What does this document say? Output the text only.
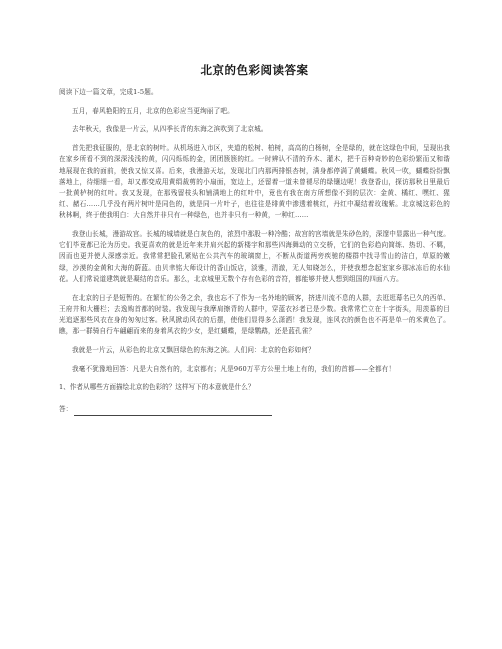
北京的色彩阅读答案

阅读下边一篇文章，完成1-5题。

五月，春风艳阳的五月，北京的色彩应当更绚丽了吧。

去年秋天，我像是一片云，从四季长青的东海之滨吹到了北京城。

首先把我征服的，是北京的树叶。从机场进入市区，夹道的松树、柏树，高高的白杨树，全是绿的，就在这绿色中间，呈现出我在家乡所看不到的深深浅浅的黄，闪闪烁烁的金，团团簇簇的红。一时辨认不清的乔木、灌木，把千百种奇妙的色彩纷繁而又和谐地展现在我的面前，使我又惊又喜。后来，我漫游天坛，发现北门内那两排银杏树，满身都停满了黄蝴蝶。秋风一吹，蝴蝶纷纷飘落地上，待细细一看，却又都变成用黄绢裁剪的小扇面，宽边上，还留着一道未曾褪尽的绿镶边呢！我登香山，探访那秋日里最后一批黄栌树的红叶。我又发现，在那残留枝头和铺满地上的红叶中，竟也有我在南方所想像不到的层次：金黄、橘红、嘿红、猩红、赭石……几乎没有两片树叶是同色的，就是同一片叶子，也往往是绯黄中渗透着桃红，丹红中凝结着玫瑰紫。北京城这彩色的秋林啊，终于使我明白：大自然并非只有一种绿色，也并非只有一种黄，一种红……

我登山长城，漫游故宫。长城的城墙就是白灰色的，浓烈中那股一种冷酷；故宫的宫墙就是朱砂色的，深邃中显露出一种气度。它们毕竟都已沦为历史。我更喜欢的就是近年来并肩兴起的新楼宇和那些四海舞动的立交桥，它们的色彩趋向简练、热切、不羁，因而也更并使人深感亲近。我常常把脸孔紧贴在公共汽车的玻璃窗上，不断从街道两旁疾驰的楼群中找寻雪山的洁白，草原的嫩绿，沙漠的金黄和大海的蔚蓝。由贝聿铭大师设计的香山饭店，淡雅，清澈，无人知晓怎么，并使我想念起室家乡那冰冻后的水仙花。人们常说道建筑就是凝结的音乐。那么，北京城里无数个存有色彩的音符，都能够并使人想到组国的四面八方。

在北京的日子是短暂的。在繁忙的公务之余，我也忘不了作为一名外地的顾客，挤进川流不息的人群，去逛逛幕名已久的西单、王府井和大栅栏；去逸购首都的时装。我发现与我摩肩擦背的人群中，穿蓝衣衫者已是少数。我常常伫立在十字街头，用羡慕的目光追逐那些风衣在身的匆匆过客。秋风掀动风衣的后摆，使他们显得多么潇洒！我发现，连风衣的颜色也不再是单一的米黄色了。瞧，那一群骑自行车翩翩而来的身着风衣的少女，是红蝴蝶，是绿鹦鹉，还是蓝孔雀？

我就是一片云，从彩色的北京又飘回绿色的东海之滨。人们问：北京的色彩如何？

我毫不犹豫地回答：凡是大自然有的，北京都有；凡是960万平方公里土地上有的，我们的首都——全都有！

1、作者从哪些方面描绘北京的色彩的？这样写下的本意就是什么？
答：
